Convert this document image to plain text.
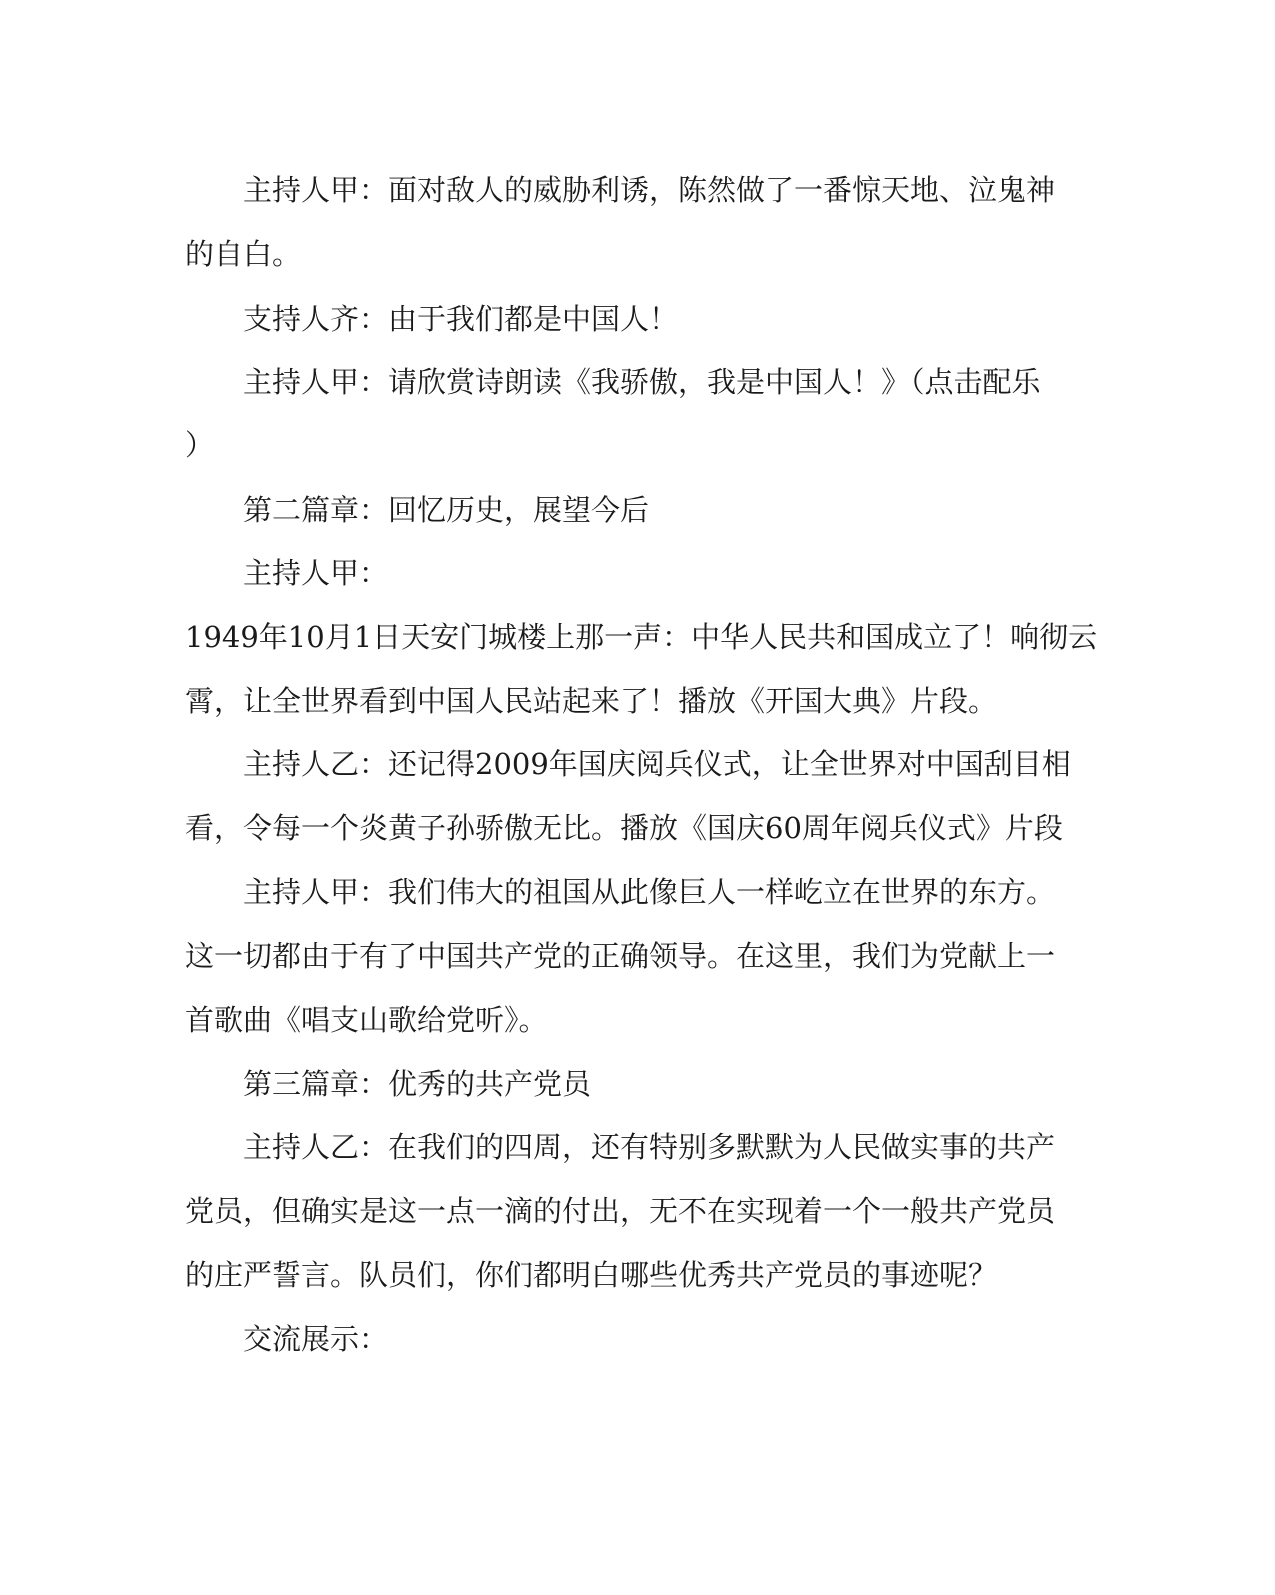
主持人甲：面对敌人的威胁利诱，陈然做了一番惊天地、泣鬼神

的自白。

支持人齐：由于我们都是中国人！

主持人甲：请欣赏诗朗读《我骄傲，我是中国人！》（点击配乐

）

第二篇章：回忆历史，展望今后

主持人甲：

1949年10月1日天安门城楼上那一声：中华人民共和国成立了！响彻云

霄，让全世界看到中国人民站起来了！播放《开国大典》片段。

主持人乙：还记得2009年国庆阅兵仪式，让全世界对中国刮目相

看，令每一个炎黄子孙骄傲无比。播放《国庆60周年阅兵仪式》片段

主持人甲：我们伟大的祖国从此像巨人一样屹立在世界的东方。

这一切都由于有了中国共产党的正确领导。在这里，我们为党献上一

首歌曲《唱支山歌给党听》。

第三篇章：优秀的共产党员

主持人乙：在我们的四周，还有特别多默默为人民做实事的共产

党员，但确实是这一点一滴的付出，无不在实现着一个一般共产党员

的庄严誓言。队员们，你们都明白哪些优秀共产党员的事迹呢？

交流展示：
